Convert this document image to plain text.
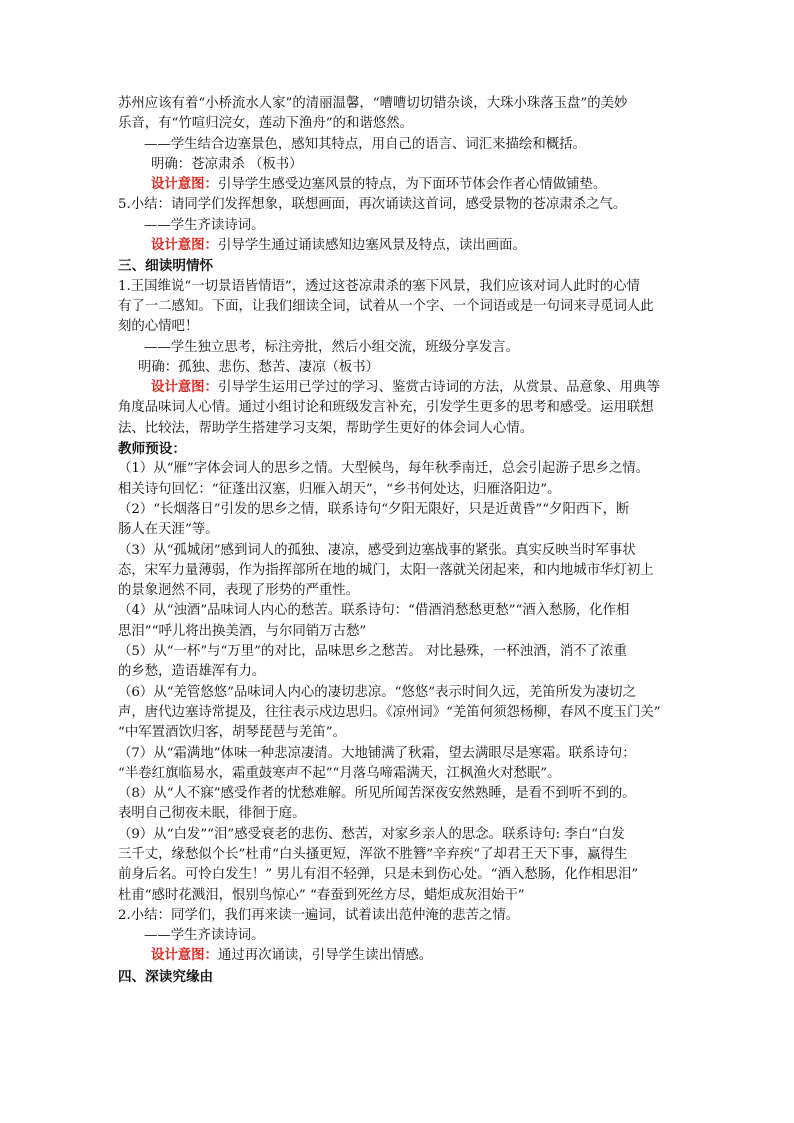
苏州应该有着“小桥流水人家”的清丽温馨，“嘈嘈切切错杂谈，大珠小珠落玉盘”的美妙
乐音，有“竹喧归浣女，莲动下渔舟”的和谐悠然。
——学生结合边塞景色，感知其特点，用自己的语言、词汇来描绘和概括。
明确：苍凉肃杀 （板书）
设计意图：引导学生感受边塞风景的特点，为下面环节体会作者心情做铺垫。
5.小结：请同学们发挥想象，联想画面，再次诵读这首词，感受景物的苍凉肃杀之气。
——学生齐读诗词。
设计意图：引导学生通过诵读感知边塞风景及特点，读出画面。
三、细读明情怀
1.王国维说“一切景语皆情语”，透过这苍凉肃杀的塞下风景，我们应该对词人此时的心情
有了一二感知。下面，让我们细读全词，试着从一个字、一个词语或是一句词来寻觅词人此
刻的心情吧！
——学生独立思考，标注旁批，然后小组交流，班级分享发言。
明确：孤独、悲伤、愁苦、凄凉（板书）
设计意图：引导学生运用已学过的学习、鉴赏古诗词的方法，从赏景、品意象、用典等
角度品味词人心情。通过小组讨论和班级发言补充，引发学生更多的思考和感受。运用联想
法、比较法，帮助学生搭建学习支架，帮助学生更好的体会词人心情。
教师预设：
（1）从“雁”字体会词人的思乡之情。大型候鸟，每年秋季南迁，总会引起游子思乡之情。
相关诗句回忆：“征蓬出汉塞，归雁入胡天”，“乡书何处达，归雁洛阳边”。
（2）“长烟落日”引发的思乡之情，联系诗句“夕阳无限好，只是近黄昏”“夕阳西下，断
肠人在天涯”等。
（3）从“孤城闭”感到词人的孤独、凄凉，感受到边塞战事的紧张。真实反映当时军事状
态，宋军力量薄弱，作为指挥部所在地的城门，太阳一落就关闭起来，和内地城市华灯初上
的景象迥然不同，表现了形势的严重性。
（4）从“浊酒”品味词人内心的愁苦。联系诗句：“借酒消愁愁更愁”“酒入愁肠，化作相
思泪”“呼儿将出换美酒，与尔同销万古愁”
（5）从“一杯”与“万里”的对比，品味思乡之愁苦。 对比悬殊，一杯浊酒，消不了浓重
的乡愁，造语雄浑有力。
（6）从“羌管悠悠”品味词人内心的凄切悲凉。“悠悠”表示时间久远，羌笛所发为凄切之
声，唐代边塞诗常提及，往往表示戍边思归。《凉州词》“羌笛何须怨杨柳，春风不度玉门关”
“中军置酒饮归客，胡琴琵琶与羌笛”。
（7）从“霜满地”体味一种悲凉凄清。大地铺满了秋霜，望去满眼尽是寒霜。联系诗句：
“半卷红旗临易水，霜重鼓寒声不起”“月落乌啼霜满天，江枫渔火对愁眠”。
（8）从“人不寐”感受作者的忧愁难解。所见所闻苦深夜安然熟睡，是看不到听不到的。
表明自己彻夜未眠，徘徊于庭。
（9）从“白发”“泪”感受衰老的悲伤、愁苦，对家乡亲人的思念。联系诗句: 李白“白发
三千丈，缘愁似个长”杜甫“白头搔更短，浑欲不胜簪”辛弃疾“了却君王天下事，赢得生
前身后名。可怜白发生！” 男儿有泪不轻弹，只是未到伤心处。“酒入愁肠，化作相思泪”
杜甫“感时花溅泪，恨别鸟惊心” “春蚕到死丝方尽，蜡炬成灰泪始干”
2.小结：同学们，我们再来读一遍词，试着读出范仲淹的悲苦之情。
——学生齐读诗词。
设计意图：通过再次诵读，引导学生读出情感。
四、深读究缘由
